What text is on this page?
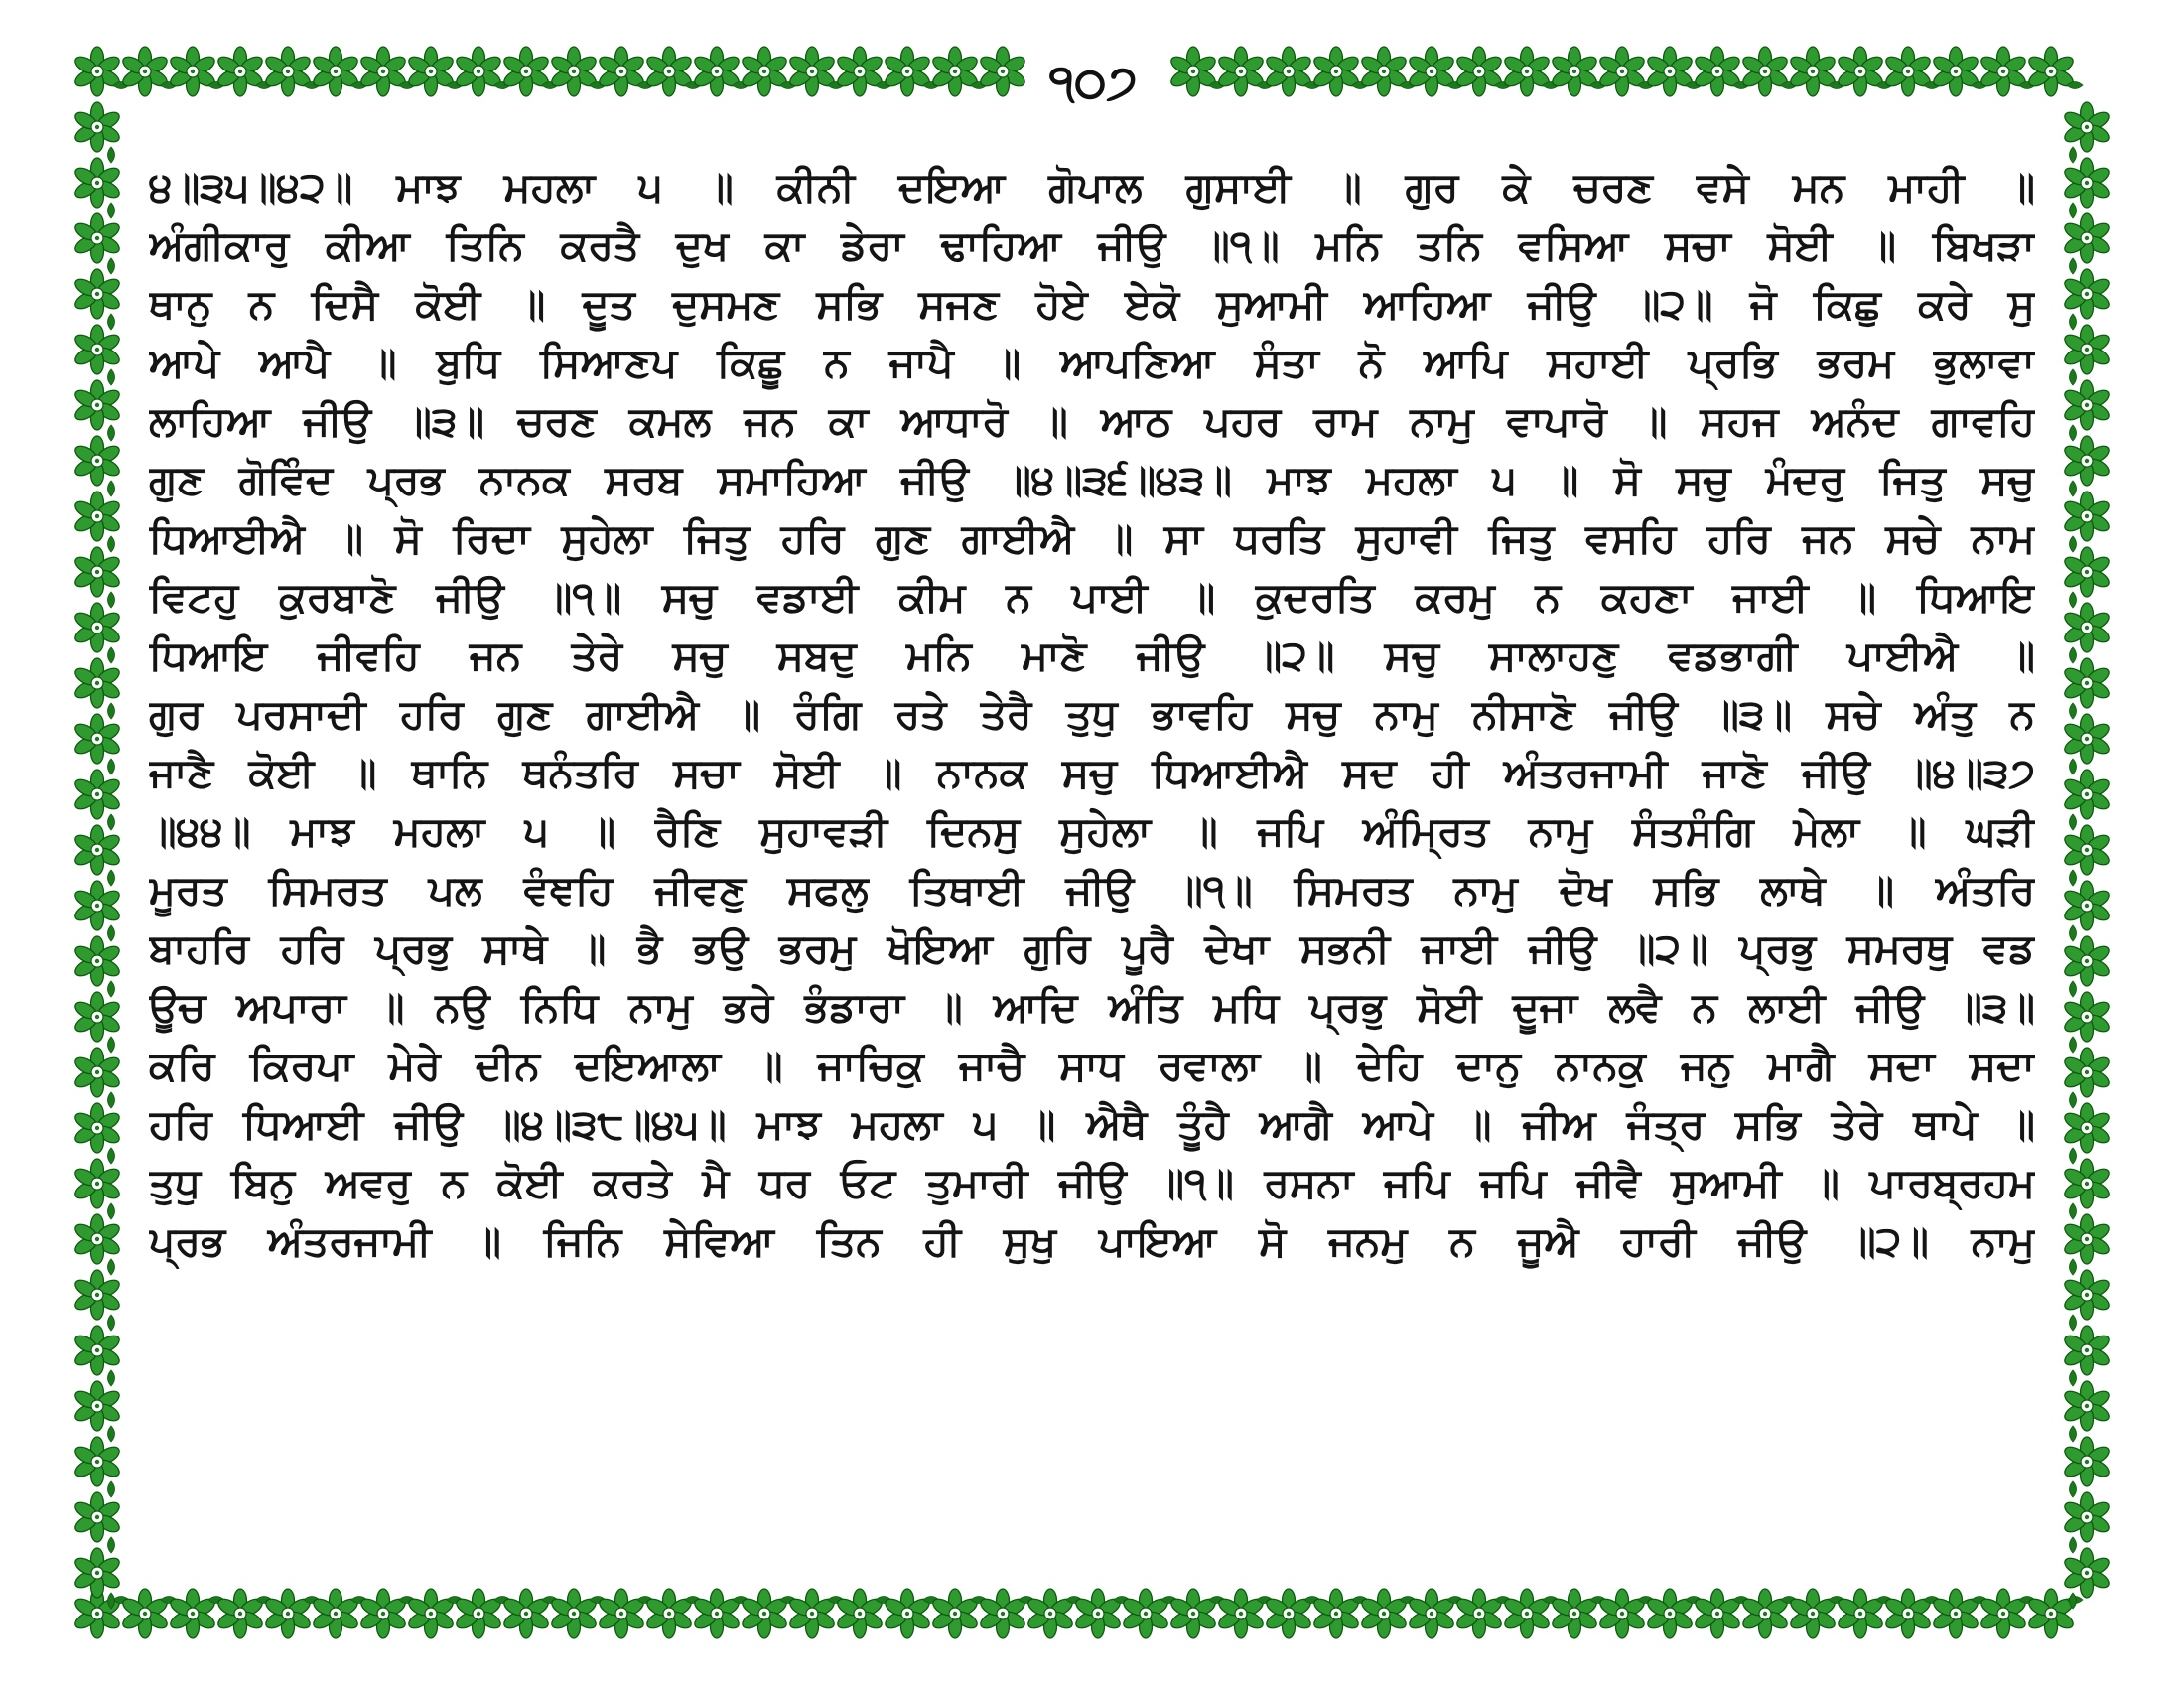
੧੦੭
੪॥੩੫॥੪੨॥ ਮਾਝ ਮਹਲਾ ੫ ॥ ਕੀਨੀ ਦਇਆ ਗੋਪਾਲ ਗੁਸਾਈ ॥ ਗੁਰ ਕੇ ਚਰਣ ਵਸੇ ਮਨ ਮਾਹੀ ॥
ਅੰਗੀਕਾਰੁ ਕੀਆ ਤਿਨਿ ਕਰਤੈ ਦੁਖ ਕਾ ਡੇਰਾ ਢਾਹਿਆ ਜੀਉ ॥੧॥ ਮਨਿ ਤਨਿ ਵਸਿਆ ਸਚਾ ਸੋਈ ॥ ਬਿਖੜਾ
ਥਾਨੁ ਨ ਦਿਸੈ ਕੋਈ ॥ ਦੂਤ ਦੁਸਮਣ ਸਭਿ ਸਜਣ ਹੋਏ ਏਕੋ ਸੁਆਮੀ ਆਹਿਆ ਜੀਉ ॥੨॥ ਜੋ ਕਿਛੁ ਕਰੇ ਸੁ
ਆਪੇ ਆਪੈ ॥ ਬੁਧਿ ਸਿਆਣਪ ਕਿਛੂ ਨ ਜਾਪੈ ॥ ਆਪਣਿਆ ਸੰਤਾ ਨੋ ਆਪਿ ਸਹਾਈ ਪ੍ਰਭਿ ਭਰਮ ਭੁਲਾਵਾ
ਲਾਹਿਆ ਜੀਉ ॥੩॥ ਚਰਣ ਕਮਲ ਜਨ ਕਾ ਆਧਾਰੋ ॥ ਆਠ ਪਹਰ ਰਾਮ ਨਾਮੁ ਵਾਪਾਰੋ ॥ ਸਹਜ ਅਨੰਦ ਗਾਵਹਿ
ਗੁਣ ਗੋਵਿੰਦ ਪ੍ਰਭ ਨਾਨਕ ਸਰਬ ਸਮਾਹਿਆ ਜੀਉ ॥੪॥੩੬॥੪੩॥ ਮਾਝ ਮਹਲਾ ੫ ॥ ਸੋ ਸਚੁ ਮੰਦਰੁ ਜਿਤੁ ਸਚੁ
ਧਿਆਈਐ ॥ ਸੋ ਰਿਦਾ ਸੁਹੇਲਾ ਜਿਤੁ ਹਰਿ ਗੁਣ ਗਾਈਐ ॥ ਸਾ ਧਰਤਿ ਸੁਹਾਵੀ ਜਿਤੁ ਵਸਹਿ ਹਰਿ ਜਨ ਸਚੇ ਨਾਮ
ਵਿਟਹੁ ਕੁਰਬਾਣੋ ਜੀਉ ॥੧॥ ਸਚੁ ਵਡਾਈ ਕੀਮ ਨ ਪਾਈ ॥ ਕੁਦਰਤਿ ਕਰਮੁ ਨ ਕਹਣਾ ਜਾਈ ॥ ਧਿਆਇ
ਧਿਆਇ ਜੀਵਹਿ ਜਨ ਤੇਰੇ ਸਚੁ ਸਬਦੁ ਮਨਿ ਮਾਣੋ ਜੀਉ ॥੨॥ ਸਚੁ ਸਾਲਾਹਣੁ ਵਡਭਾਗੀ ਪਾਈਐ ॥
ਗੁਰ ਪਰਸਾਦੀ ਹਰਿ ਗੁਣ ਗਾਈਐ ॥ ਰੰਗਿ ਰਤੇ ਤੇਰੈ ਤੁਧੁ ਭਾਵਹਿ ਸਚੁ ਨਾਮੁ ਨੀਸਾਣੋ ਜੀਉ ॥੩॥ ਸਚੇ ਅੰਤੁ ਨ
ਜਾਣੈ ਕੋਈ ॥ ਥਾਨਿ ਥਨੰਤਰਿ ਸਚਾ ਸੋਈ ॥ ਨਾਨਕ ਸਚੁ ਧਿਆਈਐ ਸਦ ਹੀ ਅੰਤਰਜਾਮੀ ਜਾਣੋ ਜੀਉ ॥੪॥੩੭
॥੪੪॥ ਮਾਝ ਮਹਲਾ ੫ ॥ ਰੈਣਿ ਸੁਹਾਵੜੀ ਦਿਨਸੁ ਸੁਹੇਲਾ ॥ ਜਪਿ ਅੰਮ੍ਰਿਤ ਨਾਮੁ ਸੰਤਸੰਗਿ ਮੇਲਾ ॥ ਘੜੀ
ਮੂਰਤ ਸਿਮਰਤ ਪਲ ਵੰਞਹਿ ਜੀਵਣੁ ਸਫਲੁ ਤਿਥਾਈ ਜੀਉ ॥੧॥ ਸਿਮਰਤ ਨਾਮੁ ਦੋਖ ਸਭਿ ਲਾਥੇ ॥ ਅੰਤਰਿ
ਬਾਹਰਿ ਹਰਿ ਪ੍ਰਭੁ ਸਾਥੇ ॥ ਭੈ ਭਉ ਭਰਮੁ ਖੋਇਆ ਗੁਰਿ ਪੂਰੈ ਦੇਖਾ ਸਭਨੀ ਜਾਈ ਜੀਉ ॥੨॥ ਪ੍ਰਭੁ ਸਮਰਥੁ ਵਡ
ਊਚ ਅਪਾਰਾ ॥ ਨਉ ਨਿਧਿ ਨਾਮੁ ਭਰੇ ਭੰਡਾਰਾ ॥ ਆਦਿ ਅੰਤਿ ਮਧਿ ਪ੍ਰਭੁ ਸੋਈ ਦੂਜਾ ਲਵੈ ਨ ਲਾਈ ਜੀਉ ॥੩॥
ਕਰਿ ਕਿਰਪਾ ਮੇਰੇ ਦੀਨ ਦਇਆਲਾ ॥ ਜਾਚਿਕੁ ਜਾਚੈ ਸਾਧ ਰਵਾਲਾ ॥ ਦੇਹਿ ਦਾਨੁ ਨਾਨਕੁ ਜਨੁ ਮਾਗੈ ਸਦਾ ਸਦਾ
ਹਰਿ ਧਿਆਈ ਜੀਉ ॥੪॥੩੮॥੪੫॥ ਮਾਝ ਮਹਲਾ ੫ ॥ ਐਥੈ ਤੂੰਹੈ ਆਗੈ ਆਪੇ ॥ ਜੀਅ ਜੰਤ੍ਰ ਸਭਿ ਤੇਰੇ ਥਾਪੇ ॥
ਤੁਧੁ ਬਿਨੁ ਅਵਰੁ ਨ ਕੋਈ ਕਰਤੇ ਮੈ ਧਰ ਓਟ ਤੁਮਾਰੀ ਜੀਉ ॥੧॥ ਰਸਨਾ ਜਪਿ ਜਪਿ ਜੀਵੈ ਸੁਆਮੀ ॥ ਪਾਰਬ੍ਰਹਮ
ਪ੍ਰਭ ਅੰਤਰਜਾਮੀ ॥ ਜਿਨਿ ਸੇਵਿਆ ਤਿਨ ਹੀ ਸੁਖੁ ਪਾਇਆ ਸੋ ਜਨਮੁ ਨ ਜੂਐ ਹਾਰੀ ਜੀਉ ॥੨॥ ਨਾਮੁ
